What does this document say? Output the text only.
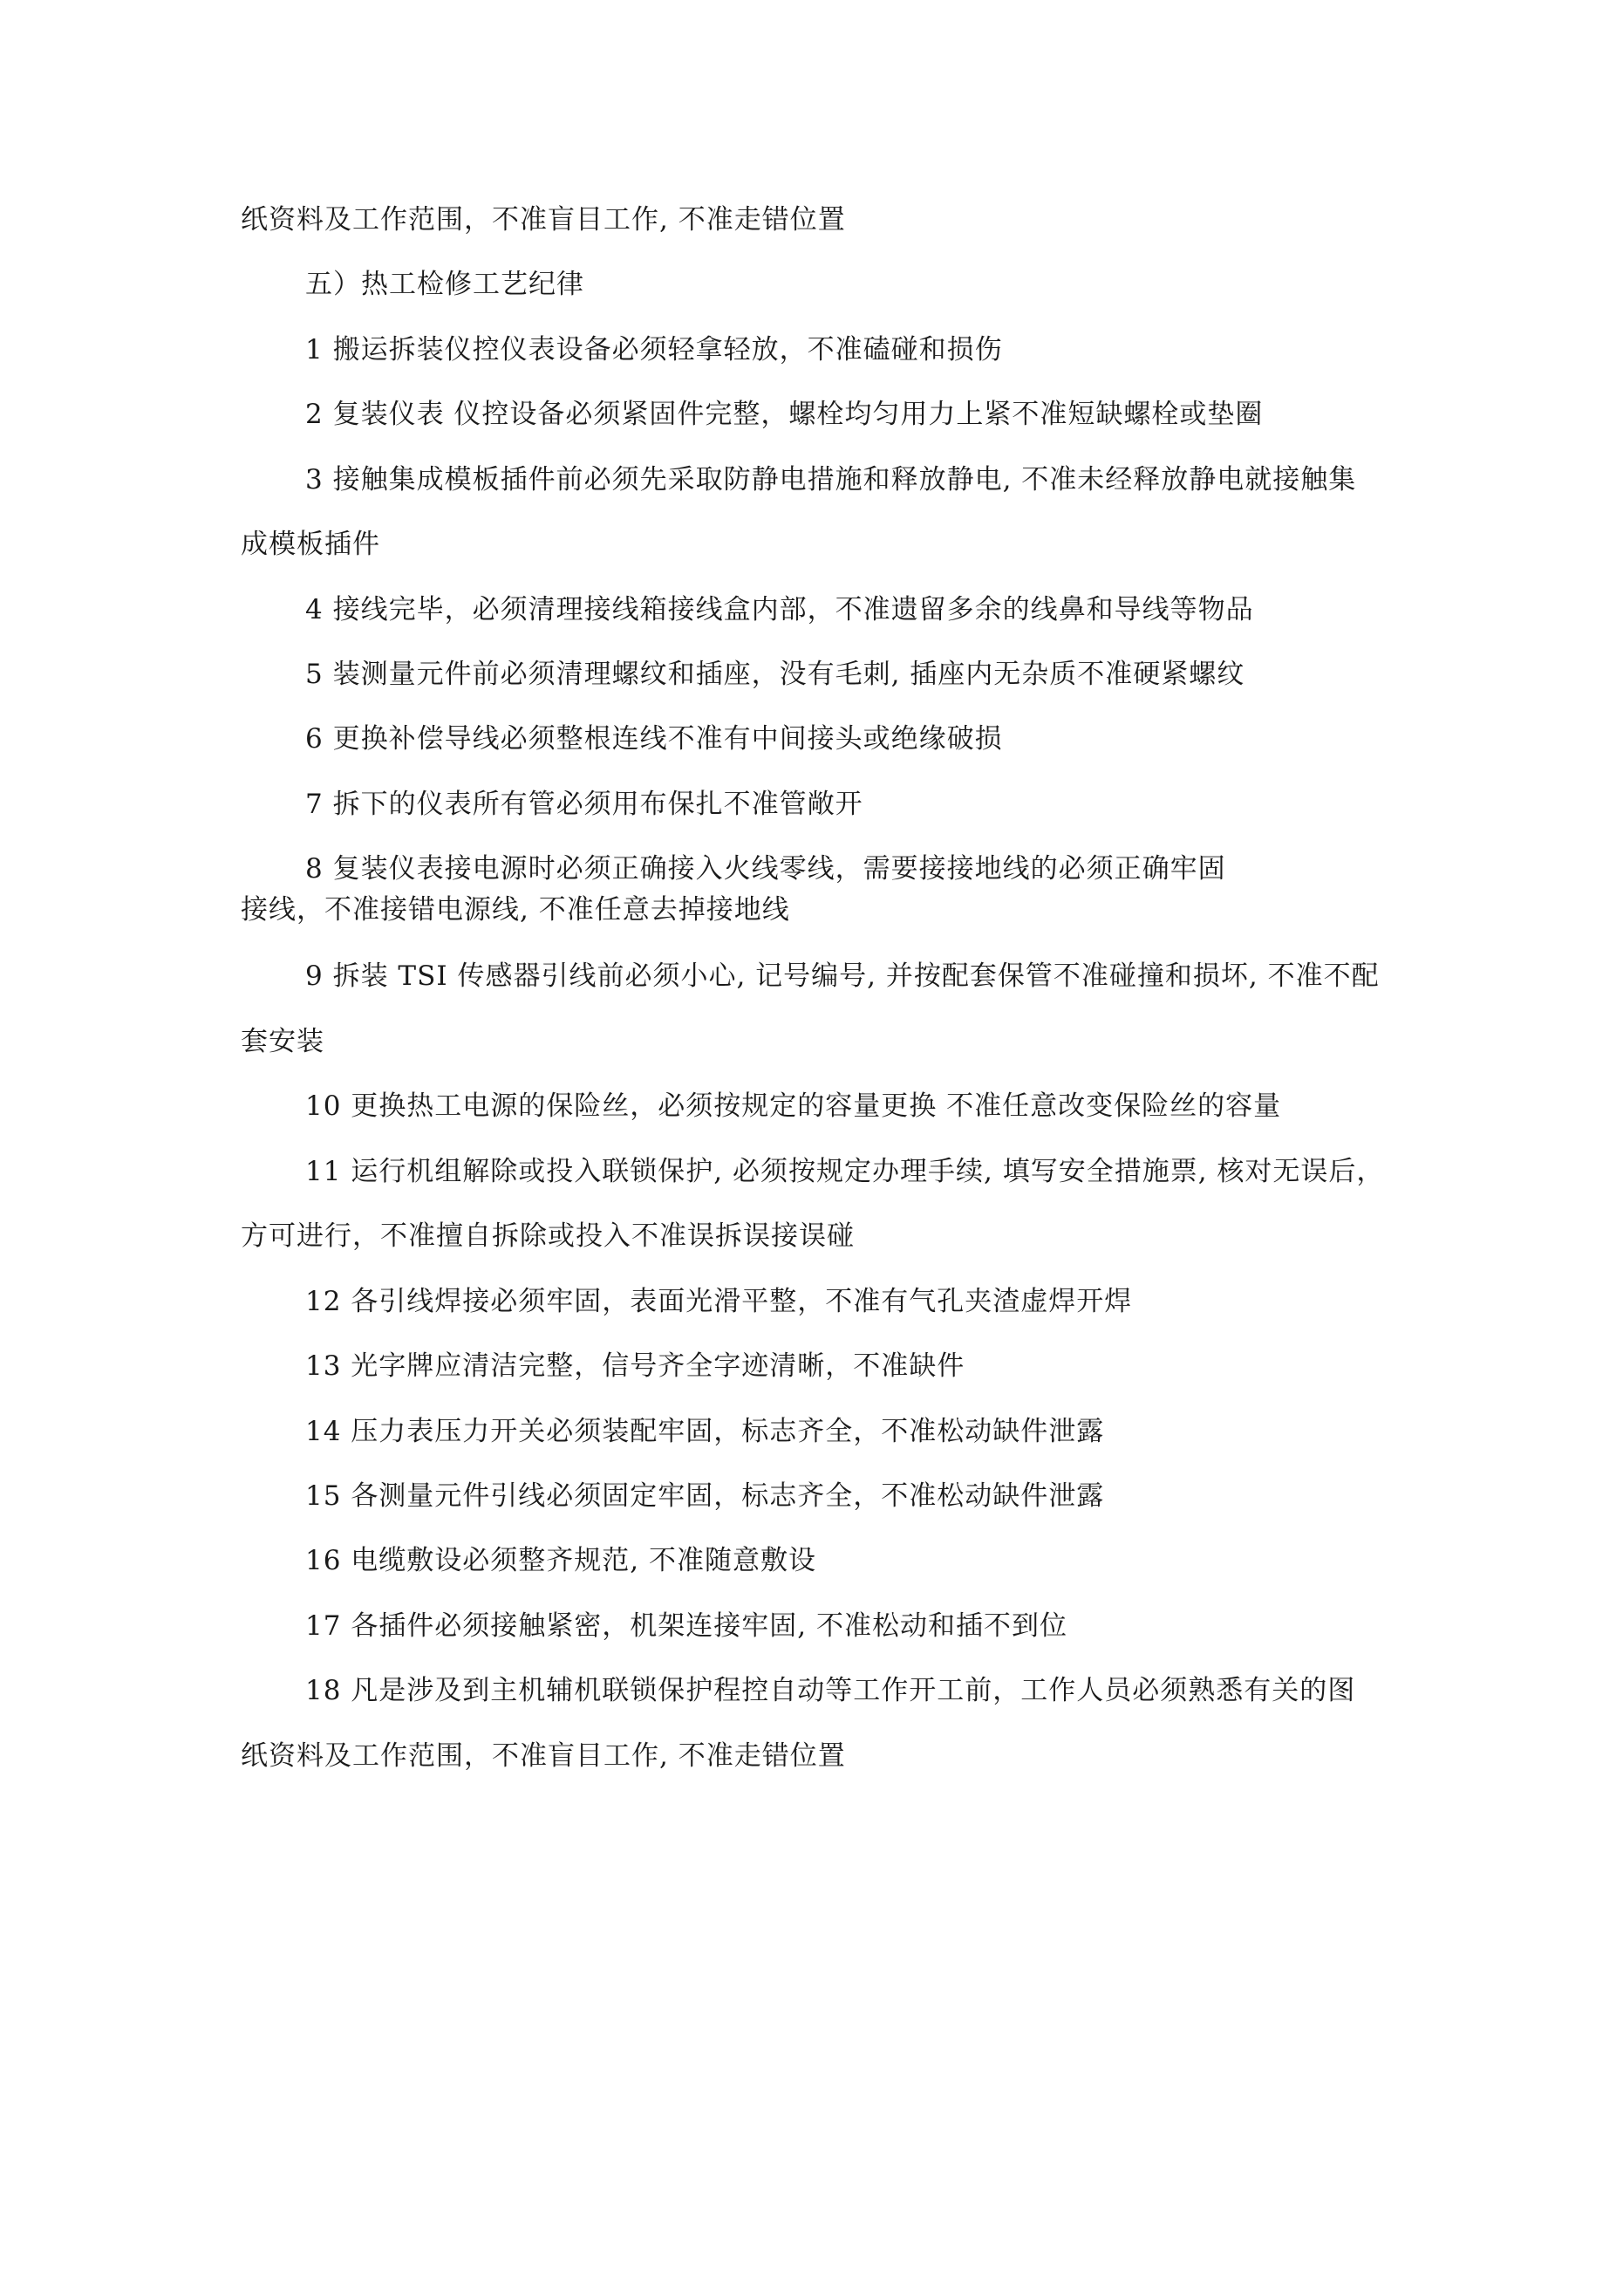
纸资料及工作范围，不准盲目工作, 不准走错位置
五）热工检修工艺纪律
1 搬运拆装仪控仪表设备必须轻拿轻放，不准磕碰和损伤
2 复装仪表 仪控设备必须紧固件完整，螺栓均匀用力上紧不准短缺螺栓或垫圈
3 接触集成模板插件前必须先采取防静电措施和释放静电, 不准未经释放静电就接触集
成模板插件
4 接线完毕，必须清理接线箱接线盒内部，不准遗留多余的线鼻和导线等物品
5 装测量元件前必须清理螺纹和插座，没有毛刺, 插座内无杂质不准硬紧螺纹
6 更换补偿导线必须整根连线不准有中间接头或绝缘破损
7 拆下的仪表所有管必须用布保扎不准管敞开
8 复装仪表接电源时必须正确接入火线零线，需要接接地线的必须正确牢固
接线，不准接错电源线, 不准任意去掉接地线
9 拆装 TSI 传感器引线前必须小心, 记号编号, 并按配套保管不准碰撞和损坏, 不准不配
套安装
10 更换热工电源的保险丝，必须按规定的容量更换 不准任意改变保险丝的容量
11 运行机组解除或投入联锁保护, 必须按规定办理手续, 填写安全措施票, 核对无误后，
方可进行，不准擅自拆除或投入不准误拆误接误碰
12 各引线焊接必须牢固，表面光滑平整，不准有气孔夹渣虚焊开焊
13 光字牌应清洁完整，信号齐全字迹清晰，不准缺件
14 压力表压力开关必须装配牢固，标志齐全，不准松动缺件泄露
15 各测量元件引线必须固定牢固，标志齐全，不准松动缺件泄露
16 电缆敷设必须整齐规范, 不准随意敷设
17 各插件必须接触紧密，机架连接牢固, 不准松动和插不到位
18 凡是涉及到主机辅机联锁保护程控自动等工作开工前，工作人员必须熟悉有关的图
纸资料及工作范围，不准盲目工作, 不准走错位置
